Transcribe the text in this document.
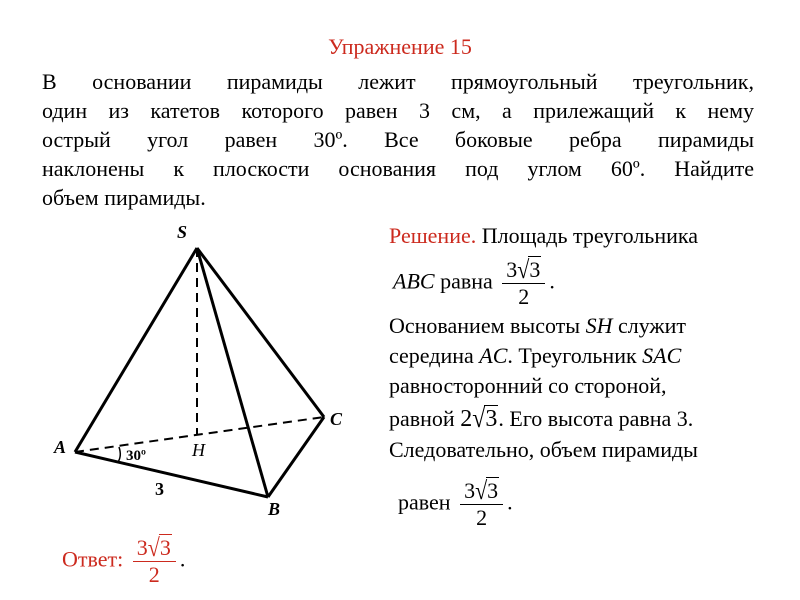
Упражнение 15
В основании пирамиды лежит прямоугольный треугольник,
один из катетов которого равен 3 см, а прилежащий к нему
острый угол равен 30º. Все боковые ребра пирамиды
наклонены к плоскости основания под углом 60º. Найдите
объем пирамиды.
S
A
B
C
H
30º
3
Решение. Площадь треугольника
ABC равна $\frac{3√3}{2}$ .
Основанием высоты SH служит
середина AC. Треугольник SAC
равносторонний со стороной,
равной 2√3. Его высота равна 3.
Следовательно, объем пирамиды
равен $\frac{3√3}{2}$ .
Ответ: $\frac{3√3}{2}$ .
